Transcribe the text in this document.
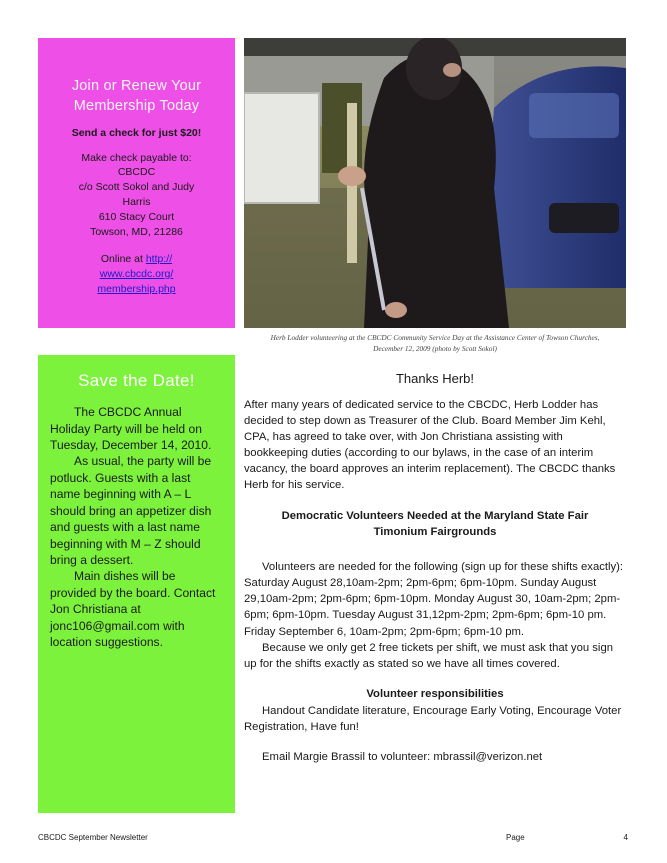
Join or Renew Your
Membership Today
Send a check for just $20!
Make check payable to:
CBCDC
c/o Scott Sokol and Judy
Harris
610 Stacy Court
Towson, MD, 21286
Online at http://
www.cbcdc.org/
membership.php
Herb Lodder volunteering at the CBCDC Community Service Day at the Assistance Center of Towson Churches,
December 12, 2009 (photo by Scott Sokol)
Save the Date!

The CBCDC Annual Holiday Party will be held on Tuesday, December 14, 2010.

As usual, the party will be potluck. Guests with a last name beginning with A – L should bring an appetizer dish and guests with a last name beginning with M – Z should bring a dessert.

Main dishes will be provided by the board. Contact Jon Christiana at jonc106@gmail.com with location suggestions.

Thanks Herb!

After many years of dedicated service to the CBCDC, Herb Lodder has decided to step down as Treasurer of the Club. Board Member Jim Kehl, CPA, has agreed to take over, with Jon Christiana assisting with bookkeeping duties (according to our bylaws, in the case of an interim vacancy, the board approves an interim replacement). The CBCDC thanks Herb for his service.

Democratic Volunteers Needed at the Maryland State Fair
Timonium Fairgrounds

Volunteers are needed for the following (sign up for these shifts exactly): Saturday August 28,10am-2pm; 2pm-6pm; 6pm-10pm. Sunday August 29,10am-2pm; 2pm-6pm; 6pm-10pm. Monday August 30, 10am-2pm; 2pm-6pm; 6pm-10pm. Tuesday August 31,12pm-2pm; 2pm-6pm; 6pm-10 pm. Friday September 6, 10am-2pm; 2pm-6pm; 6pm-10 pm.

Because we only get 2 free tickets per shift, we must ask that you sign up for the shifts exactly as stated so we have all times covered.

Volunteer responsibilities

Handout Candidate literature, Encourage Early Voting, Encourage Voter Registration, Have fun!

Email Margie Brassil to volunteer: mbrassil@verizon.net

CBCDC September Newsletter	Page	4
